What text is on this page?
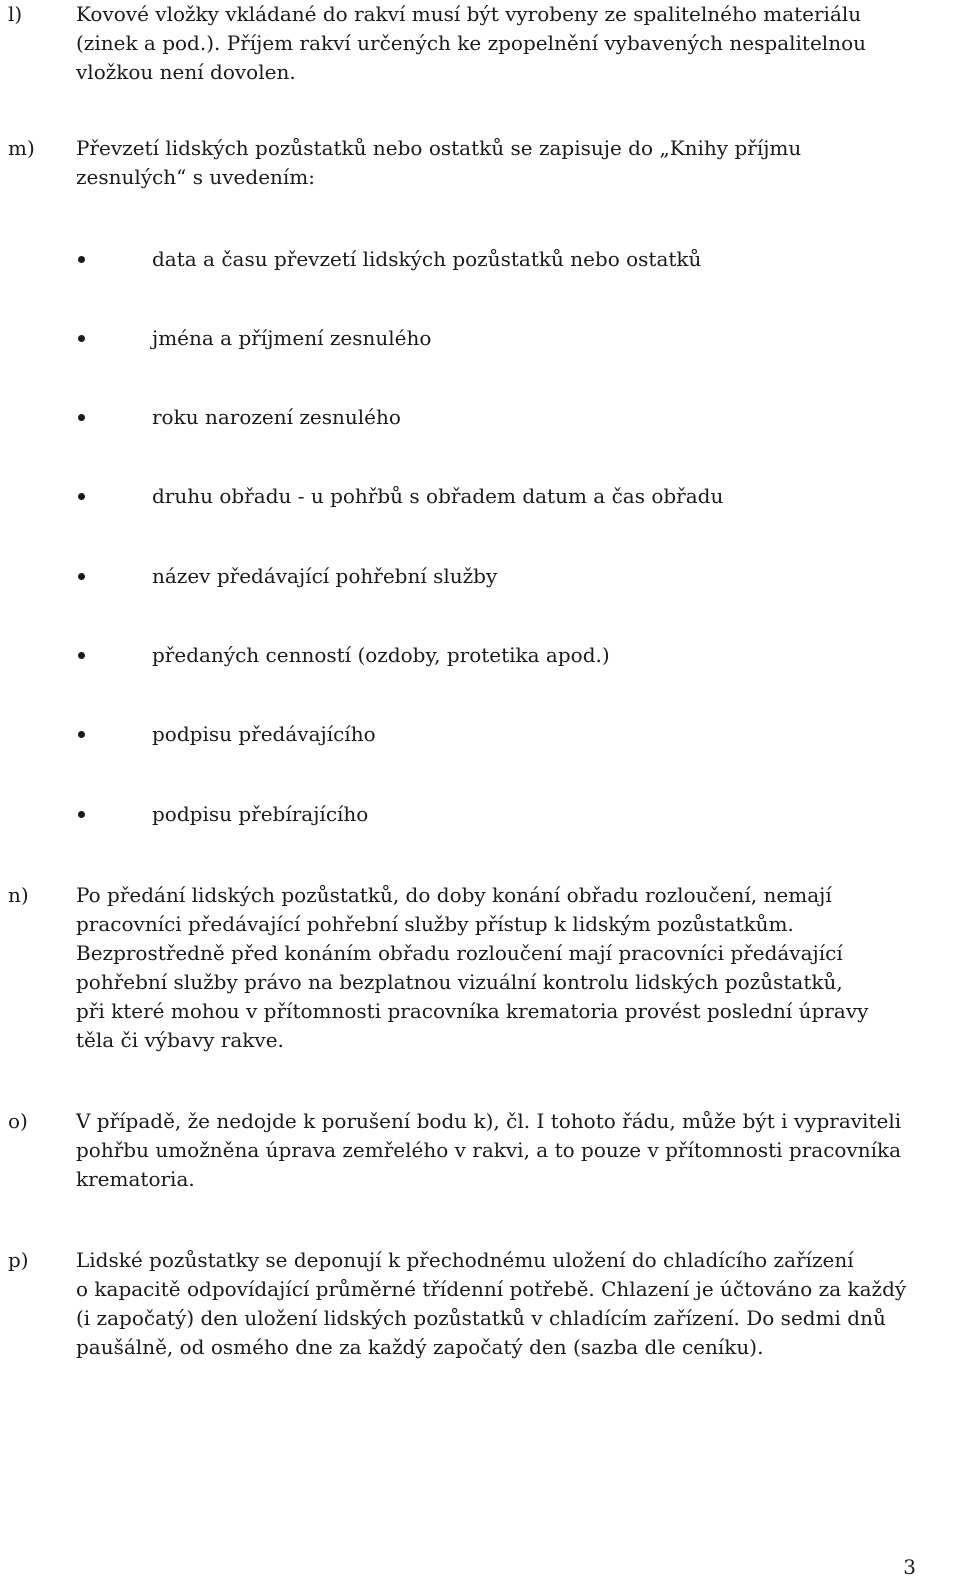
l)	Kovové vložky vkládané do rakví musí být vyrobeny ze spalitelného materiálu
(zinek a pod.). Příjem rakví určených ke zpopelnění vybavených nespalitelnou
vložkou není dovolen.
m) Převzetí lidských pozůstatků nebo ostatků se zapisuje do „Knihy příjmu
zesnulých“ s uvedením:
data a času převzetí lidských pozůstatků nebo ostatků
jména a příjmení zesnulého
roku narození zesnulého
druhu obřadu - u pohřbů s obřadem datum a čas obřadu
název předávající pohřební služby
předaných cenností (ozdoby, protetika apod.)
podpisu předávajícího
podpisu přebírajícího
n) Po předání lidských pozůstatků, do doby konání obřadu rozloučení, nemají
pracovníci předávající pohřební služby přístup k lidským pozůstatkům.
Bezprostředně před konáním obřadu rozloučení mají pracovníci předávající
pohřební služby právo na bezplatnou vizuální kontrolu lidských pozůstatků,
při které mohou v přítomnosti pracovníka krematoria provést poslední úpravy
těla či výbavy rakve.
o) V případě, že nedojde k porušení bodu k), čl. I tohoto řádu, může být i vypraviteli
pohřbu umožněna úprava zemřelého v rakvi, a to pouze v přítomnosti pracovníka
krematoria.
p) Lidské pozůstatky se deponují k přechodnému uložení do chladícího zařízení
o kapacitě odpovídající průměrné třídenní potřebě. Chlazení je účtováno za každý
(i započatý) den uložení lidských pozůstatků v chladícím zařízení. Do sedmi dnů
paušálně, od osmého dne za každý započatý den (sazba dle ceníku).
3
